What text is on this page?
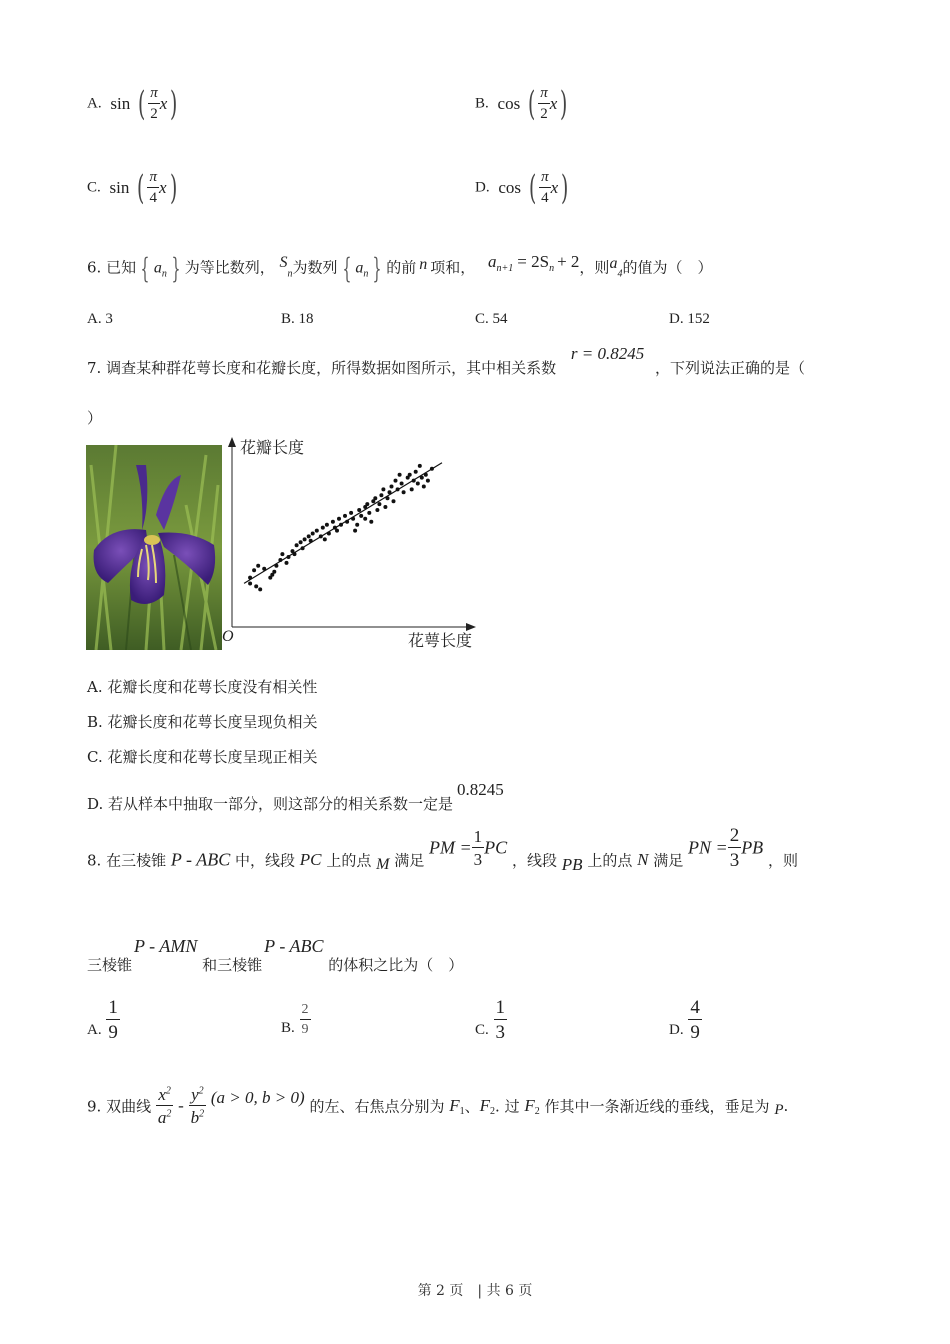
A. sin ( $\frac{\pi}{2} x$)	B. cos ( $\frac{\pi}{2} x$)
C. sin ( $\frac{\pi}{4} x$)	D. cos ( $\frac{\pi}{4} x$)
6. 已知 { $a_n$ } 为等比数列， $S_n$为数列 { $a_n$ } 的前 n 项和， $a_{n+1} = 2S_n + 2$，则$a_4$的值为（　）
A. 3	B. 18	C. 54	D. 152
7. 调查某种群花萼长度和花瓣长度，所得数据如图所示，其中相关系数 r = 0.8245 ，下列说法正确的是（
）
花瓣长度
花萼长度
O
A. 花瓣长度和花萼长度没有相关性
B. 花瓣长度和花萼长度呈现负相关
C. 花瓣长度和花萼长度呈现正相关
D. 若从样本中抽取一部分，则这部分的相关系数一定是0.8245
8. 在三棱锥 P - ABC 中，线段 PC 上的点 M 满足 PM = $\frac{1}{3}$ PC ，线段 PB 上的点 N 满足 PN = $\frac{2}{3}$ PB ，则
三棱锥P - AMN 和三棱锥P - ABC 的体积之比为（　）
A. $\frac{1}{9}$	B. $\frac{2}{9}$	C. $\frac{1}{3}$	D. $\frac{4}{9}$
9. 双曲线 $\frac{x^2}{a^2} - \frac{y^2}{b^2} (a > 0$, b > 0) 的左、右焦点分别为 $F_1$、$F_2$. 过 $F_2$ 作其中一条渐近线的垂线，垂足为 P.
第 2 页　| 共 6 页
